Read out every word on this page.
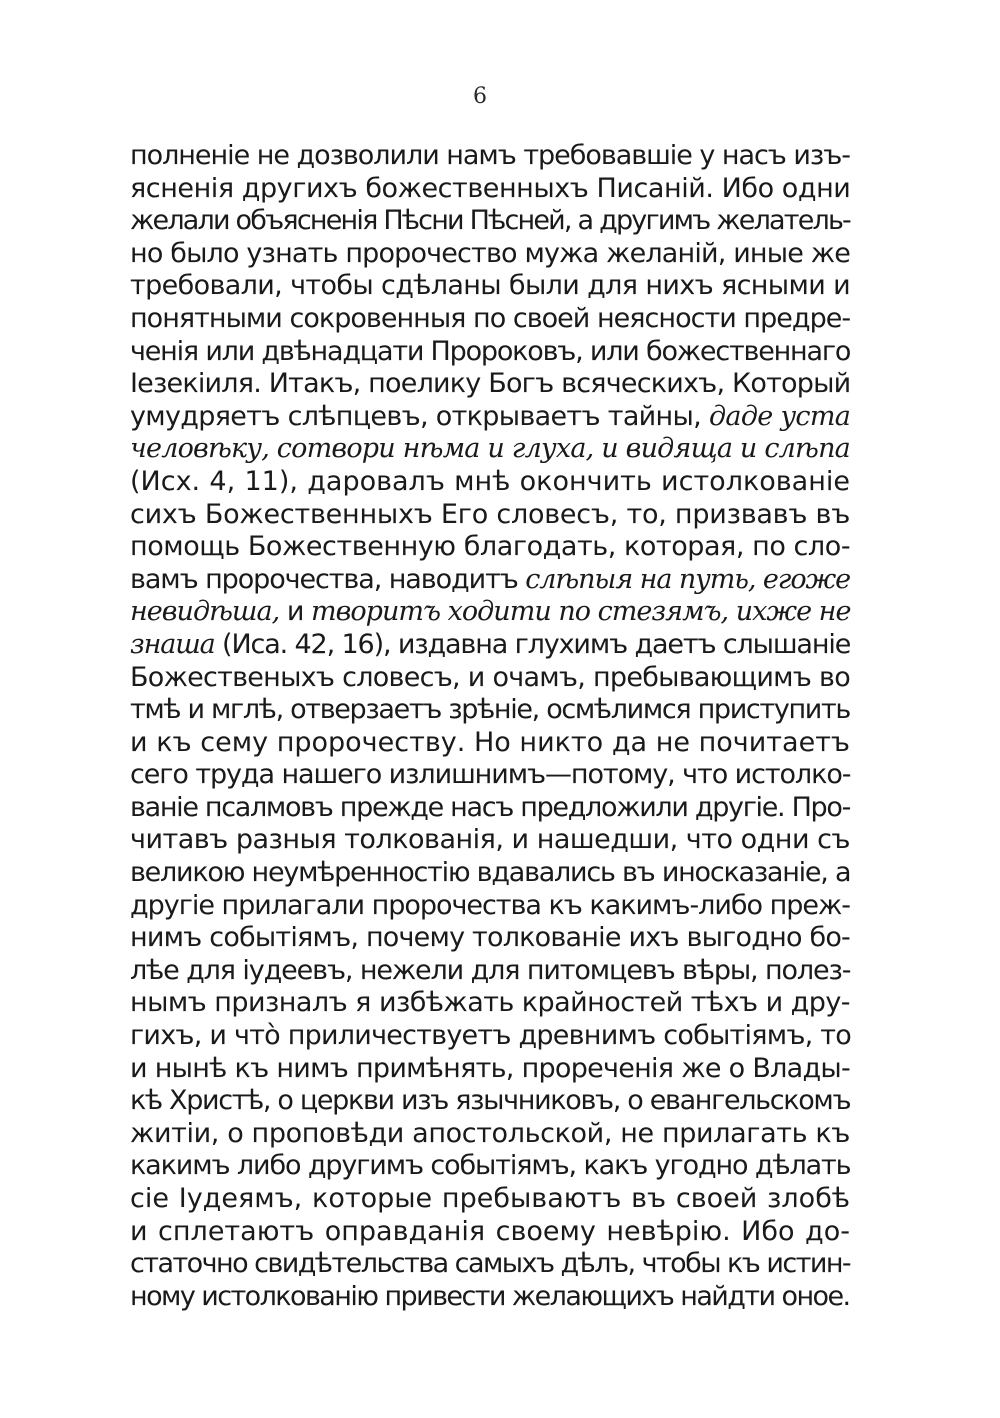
6
полненіе не дозволили намъ требовавшіе у насъ изъ-
ясненія другихъ божественныхъ Писаній. Ибо одни
желали объясненія Пѣсни Пѣсней, а другимъ желатель-
но было узнать пророчество мужа желаній, иные же
требовали, чтобы сдѣланы были для нихъ ясными и
понятными сокровенныя по своей неясности предре-
ченія или двѣнадцати Пророковъ, или божественнаго
Іезекіиля. Итакъ, поелику Богъ всяческихъ, Который
умудряетъ слѣпцевъ, открываетъ тайны, даде уста
человѣку, сотвори нѣма и глуха, и видяща и слѣпа
(Исх. 4, 11), даровалъ мнѣ окончить истолкованіе
сихъ Божественныхъ Его словесъ, то, призвавъ въ
помощь Божественную благодать, которая, по сло-
вамъ пророчества, наводитъ слѣпыя на путь, егоже
невидѣша, и творитъ ходити по стезямъ, ихже не
знаша (Иса. 42, 16), издавна глухимъ даетъ слышаніе
Божественыхъ словесъ, и очамъ, пребывающимъ во
тмѣ и мглѣ, отверзаетъ зрѣніе, осмѣлимся приступить
и къ сему пророчеству. Но никто да не почитаетъ
сего труда нашего излишнимъ—потому, что истолко-
ваніе псалмовъ прежде насъ предложили другіе. Про-
читавъ разныя толкованія, и нашедши, что одни съ
великою неумѣренностію вдавались въ иносказаніе, а
другіе прилагали пророчества къ какимъ-либо преж-
нимъ событіямъ, почему толкованіе ихъ выгодно бо-
лѣе для іудеевъ, нежели для питомцевъ вѣры, полез-
нымъ призналъ я избѣжать крайностей тѣхъ и дру-
гихъ, и что̀ приличествуетъ древнимъ событіямъ, то
и нынѣ къ нимъ примѣнять, прореченія же о Влады-
кѣ Христѣ, о церкви изъ язычниковъ, о евангельскомъ
житіи, о проповѣди апостольской, не прилагать къ
какимъ либо другимъ событіямъ, какъ угодно дѣлать
сіе Іудеямъ, которые пребываютъ въ своей злобѣ
и сплетаютъ оправданія своему невѣрію. Ибо до-
статочно свидѣтельства самыхъ дѣлъ, чтобы къ истин-
ному истолкованію привести желающихъ найдти оное.
